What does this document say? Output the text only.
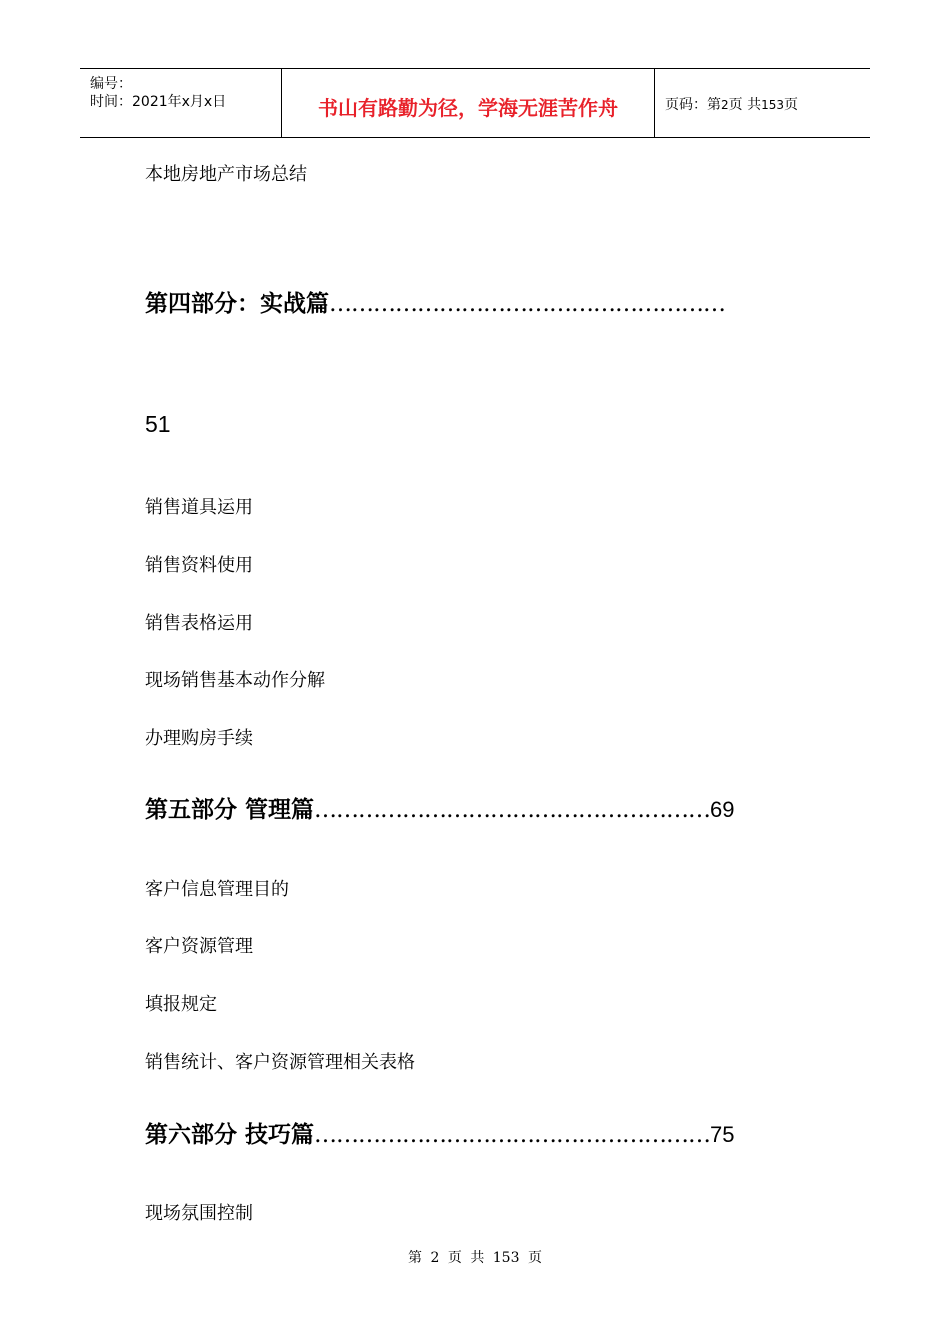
编号：
时间：2021年x月x日	书山有路勤为径，学海无涯苦作舟	页码：第2页 共153页
本地房地产市场总结
第四部分：实战篇………………………………………………
51
销售道具运用
销售资料使用
销售表格运用
现场销售基本动作分解
办理购房手续
第五部分 管理篇………………………………………………69
客户信息管理目的
客户资源管理
填报规定
销售统计、客户资源管理相关表格
第六部分 技巧篇………………………………………………75
现场氛围控制
第 2 页 共 153 页
